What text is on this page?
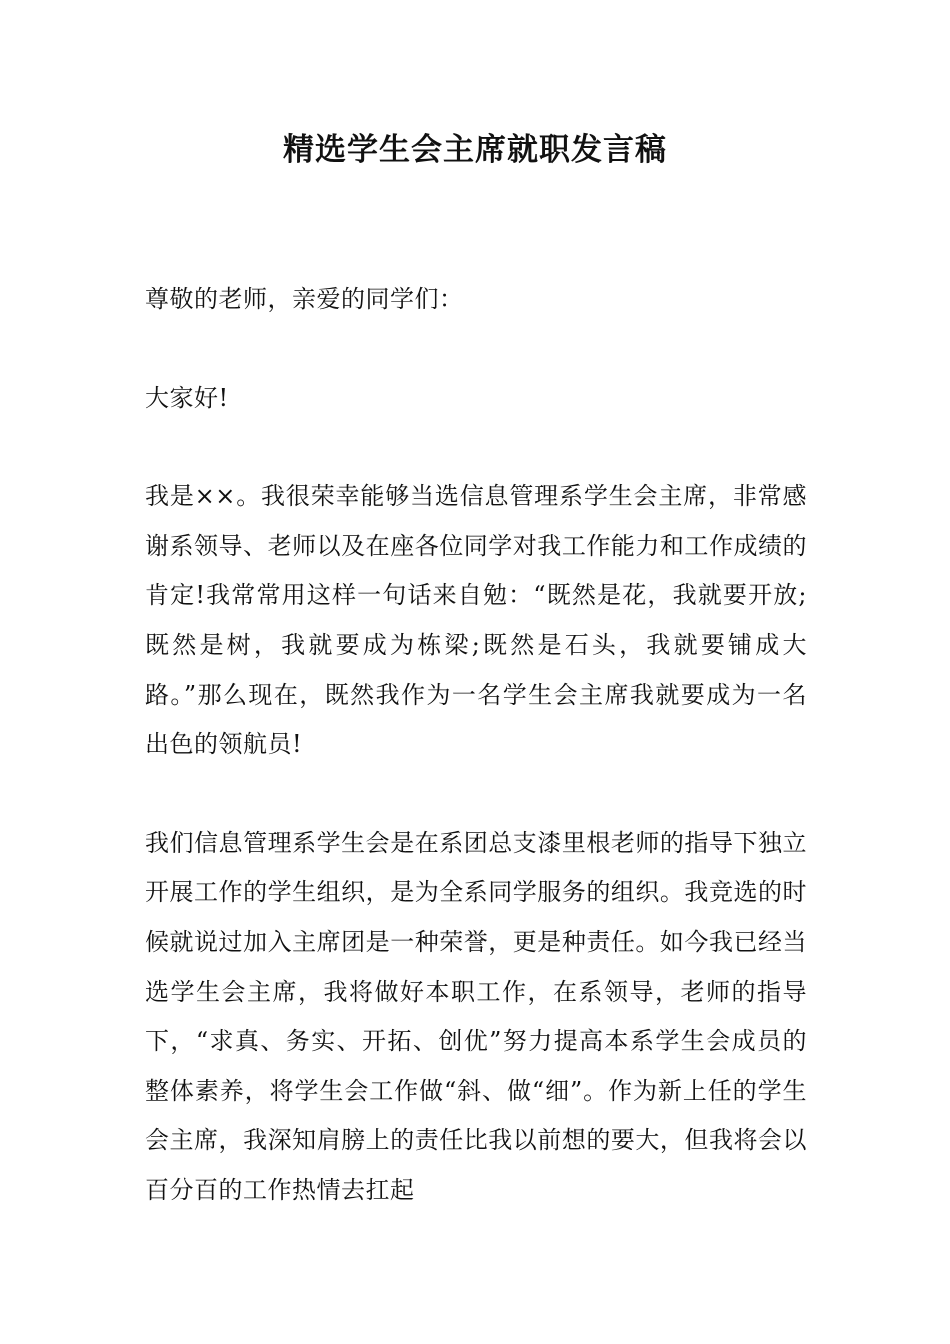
精选学生会主席就职发言稿

尊敬的老师，亲爱的同学们：

大家好!

我是××。我很荣幸能够当选信息管理系学生会主席，非常感谢系领导、老师以及在座各位同学对我工作能力和工作成绩的肯定!我常常用这样一句话来自勉：“既然是花，我就要开放;既然是树，我就要成为栋梁;既然是石头，我就要铺成大路。”那么现在，既然我作为一名学生会主席我就要成为一名出色的领航员!

我们信息管理系学生会是在系团总支漆里根老师的指导下独立开展工作的学生组织，是为全系同学服务的组织。我竞选的时候就说过加入主席团是一种荣誉，更是种责任。如今我已经当选学生会主席，我将做好本职工作，在系领导，老师的指导下，“求真、务实、开拓、创优”努力提高本系学生会成员的整体素养，将学生会工作做“斜、做“细”。作为新上任的学生会主席，我深知肩膀上的责任比我以前想的要大，但我将会以百分百的工作热情去扛起
